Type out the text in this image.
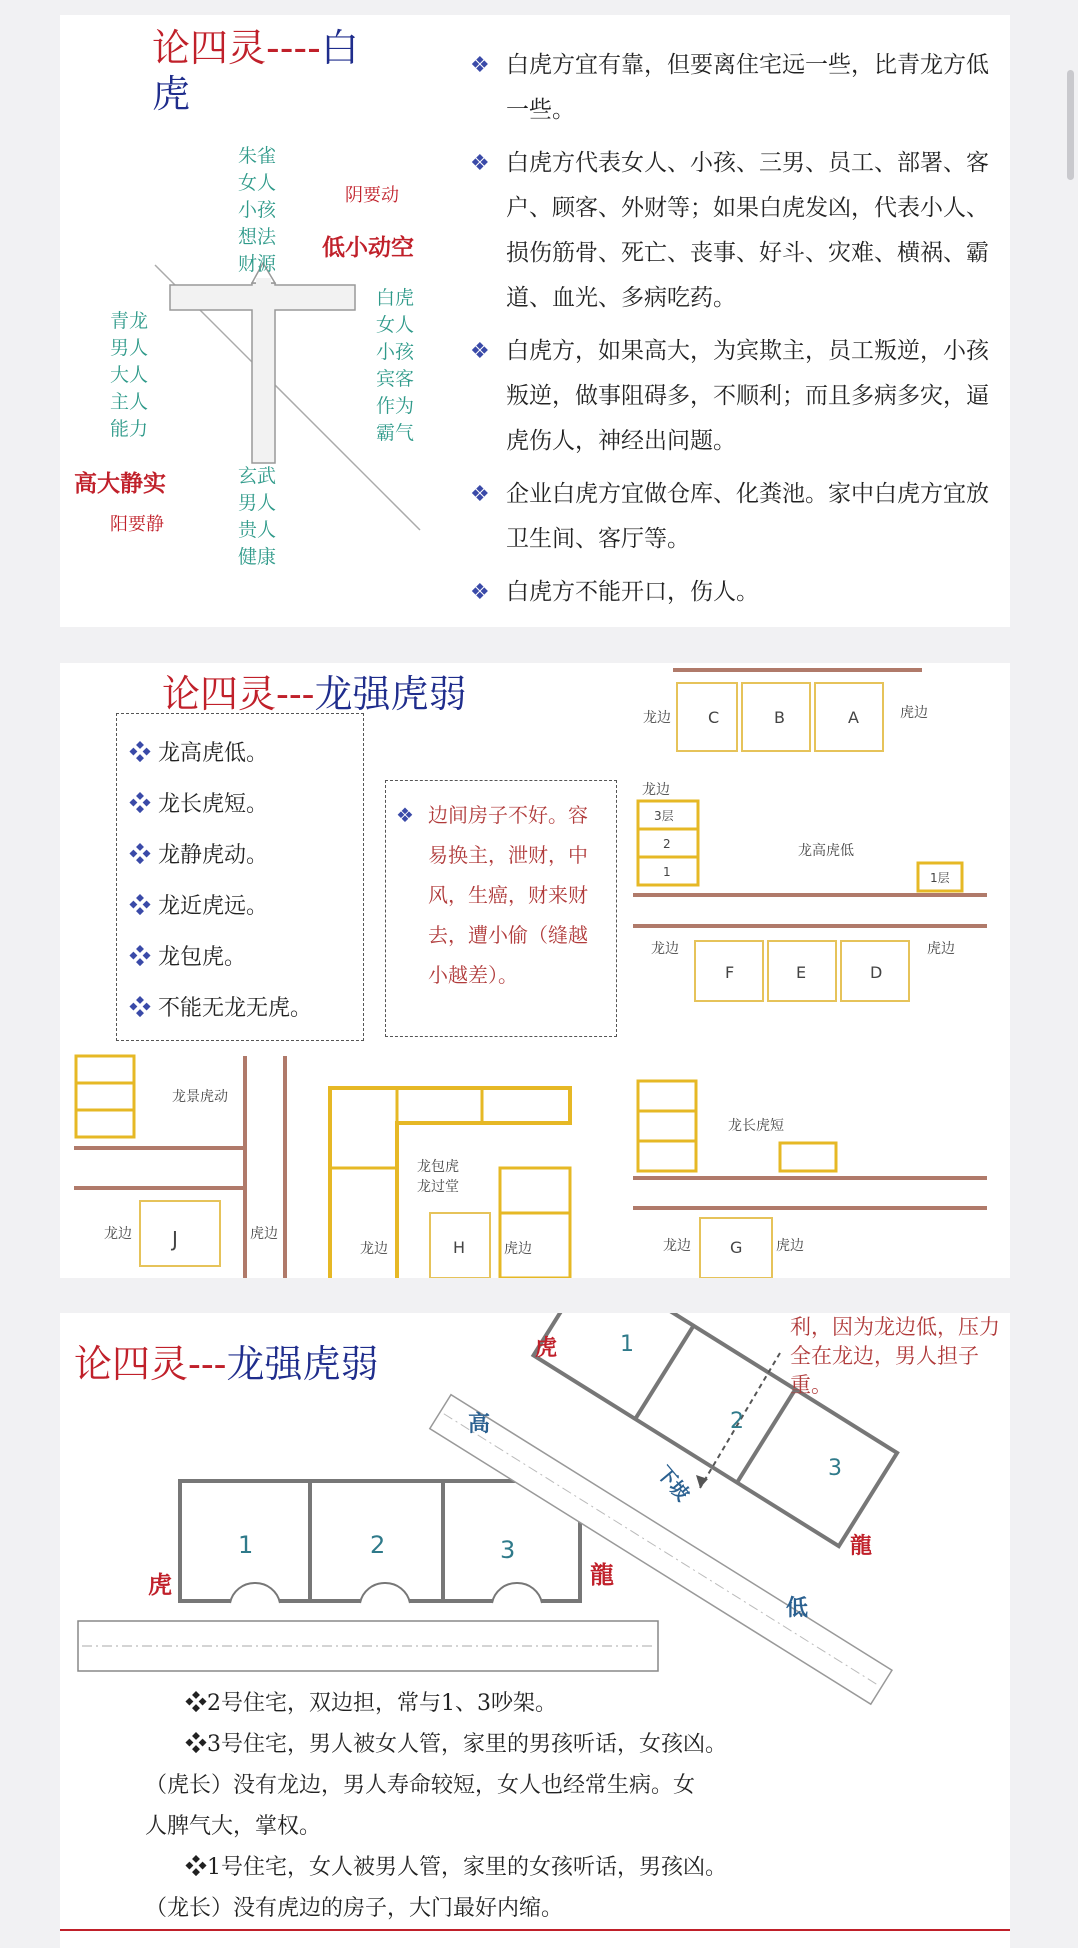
论四灵----白
虎
朱雀
女人
小孩
想法
财源
阴要动
低小动空
白虎
女人
小孩
宾客
作为
霸气
青龙
男人
大人
主人
能力
高大静实
阳要静
玄武
男人
贵人
健康
❖ 白虎方宜有靠，但要离住宅远一些，比青龙方低一些。
❖ 白虎方代表女人、小孩、三男、员工、部署、客户、顾客、外财等；如果白虎发凶，代表小人、损伤筋骨、死亡、丧事、好斗、灾难、横祸、霸道、血光、多病吃药。
❖ 白虎方，如果高大，为宾欺主，员工叛逆，小孩叛逆，做事阻碍多，不顺利；而且多病多灾，逼虎伤人，神经出问题。
❖ 企业白虎方宜做仓库、化粪池。家中白虎方宜放卫生间、客厅等。
❖ 白虎方不能开口，伤人。
论四灵---龙强虎弱
❖ 龙高虎低。
❖ 龙长虎短。
❖ 龙静虎动。
❖ 龙近虎远。
❖ 龙包虎。
❖ 不能无龙无虎。
❖ 边间房子不好。容易换主，泄财，中风，生癌，财来财去，遭小偷（缝越小越差）。
龙边	虎边
C	B	A
龙边
3层
2
1	1层
龙高虎低
龙边	虎边
F	E	D
龙景虎动
龙边	虎边
J
龙包虎
龙过堂
龙边	虎边
H
龙长虎短
龙边	虎边
G
论四灵---龙强虎弱	虎	1
2
3
高
龍
低
下坡
虎	龍
1	2	3
利，因为龙边低，压力全在龙边，男人担子重。
❖2号住宅，双边担，常与1、3吵架。
❖3号住宅，男人被女人管，家里的男孩听话，女孩凶。
（虎长）没有龙边，男人寿命较短，女人也经常生病。女
人脾气大，掌权。
❖1号住宅，女人被男人管，家里的女孩听话，男孩凶。
（龙长）没有虎边的房子，大门最好内缩。
